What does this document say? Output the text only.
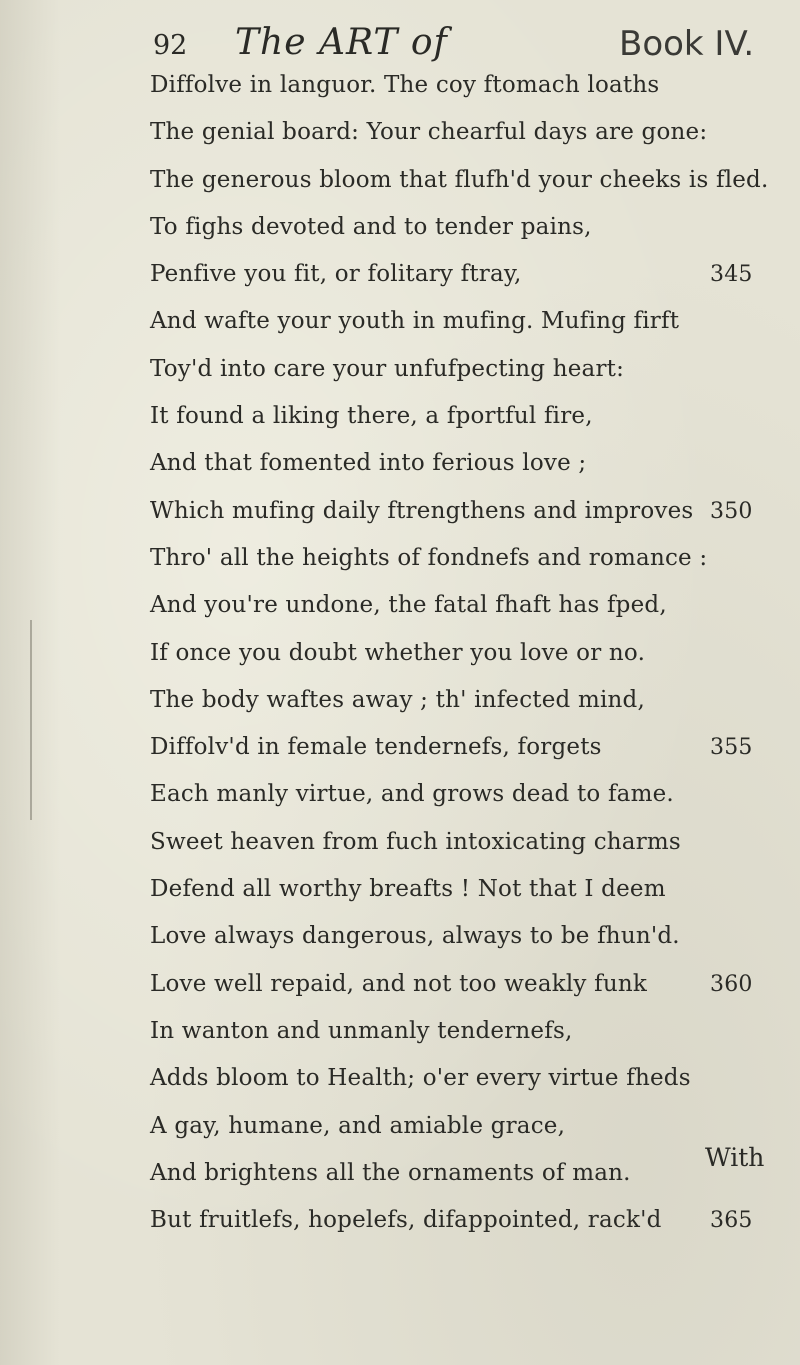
92 The ART of	Book IV.
Diffolve in languor. The coy ftomach loaths
The genial board: Your chearful days are gone:
The generous bloom that flufh'd your cheeks is fled.
To fighs devoted and to tender pains,
Penfive you fit, or folitary ftray,	345
And wafte your youth in mufing. Mufing firft
Toy'd into care your unfufpecting heart:
It found a liking there, a fportful fire,
And that fomented into ferious love ;
Which mufing daily ftrengthens and improves 350
Thro' all the heights of fondnefs and romance :
And you're undone, the fatal fhaft has fped,
If once you doubt whether you love or no.
The body waftes away ; th' infected mind,
Diffolv'd in female tendernefs, forgets	355
Each manly virtue, and grows dead to fame.
Sweet heaven from fuch intoxicating charms
Defend all worthy breafts ! Not that I deem
Love always dangerous, always to be fhun'd.
Love well repaid, and not too weakly funk	360
In wanton and unmanly tendernefs,
Adds bloom to Health; o'er every virtue fheds
A gay, humane, and amiable grace,
And brightens all the ornaments of man.
But fruitlefs, hopelefs, difappointed, rack'd 365
With
